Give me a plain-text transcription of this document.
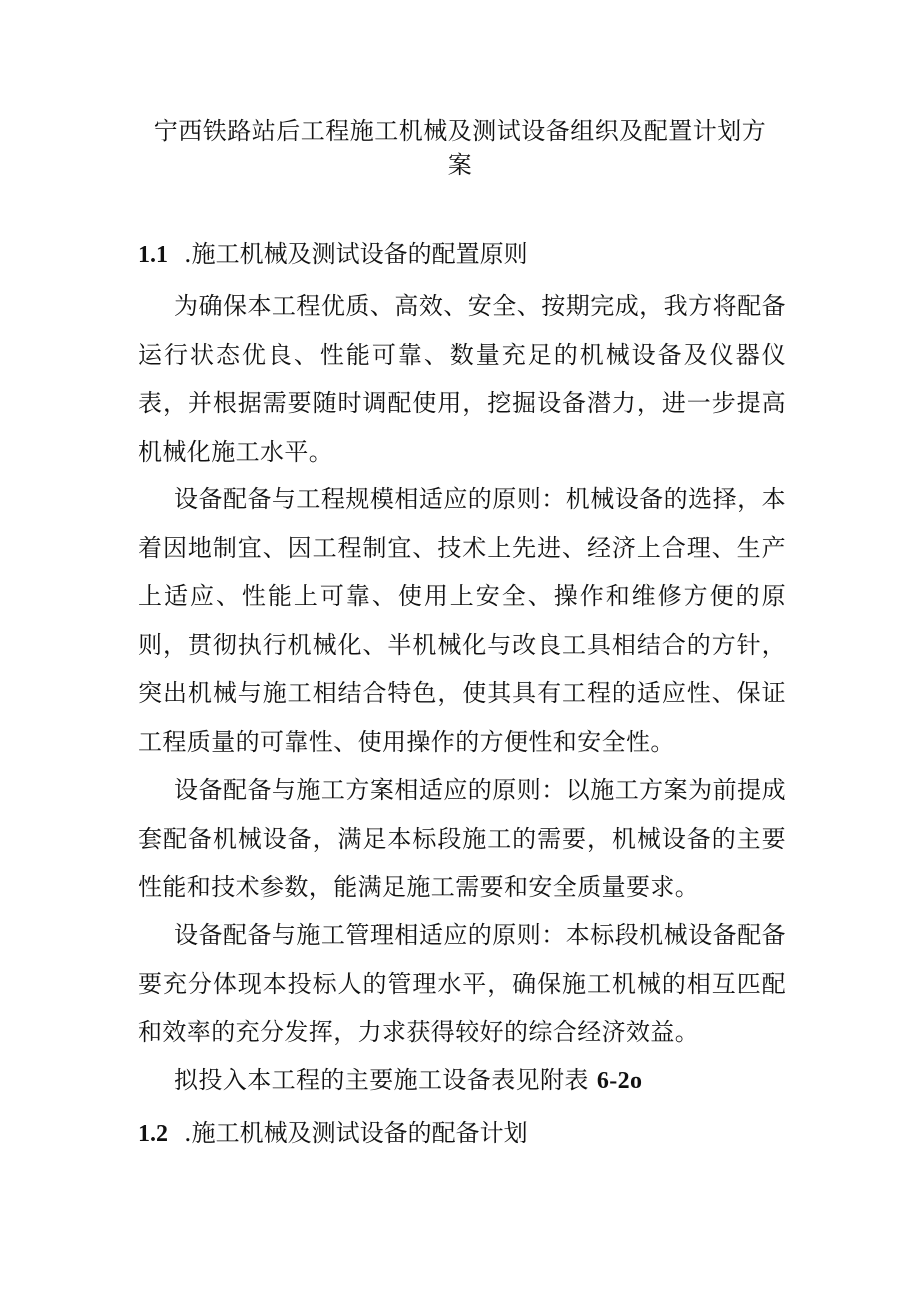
宁西铁路站后工程施工机械及测试设备组织及配置计划方
案
1.1 .施工机械及测试设备的配置原则

为确保本工程优质、高效、安全、按期完成，我方将配备运行状态优良、性能可靠、数量充足的机械设备及仪器仪表，并根据需要随时调配使用，挖掘设备潜力，进一步提高机械化施工水平。

设备配备与工程规模相适应的原则：机械设备的选择，本着因地制宜、因工程制宜、技术上先进、经济上合理、生产上适应、性能上可靠、使用上安全、操作和维修方便的原则，贯彻执行机械化、半机械化与改良工具相结合的方针，突出机械与施工相结合特色，使其具有工程的适应性、保证工程质量的可靠性、使用操作的方便性和安全性。

设备配备与施工方案相适应的原则：以施工方案为前提成套配备机械设备，满足本标段施工的需要，机械设备的主要性能和技术参数，能满足施工需要和安全质量要求。

设备配备与施工管理相适应的原则：本标段机械设备配备要充分体现本投标人的管理水平，确保施工机械的相互匹配和效率的充分发挥，力求获得较好的综合经济效益。

拟投入本工程的主要施工设备表见附表 6-2o

1.2 .施工机械及测试设备的配备计划
